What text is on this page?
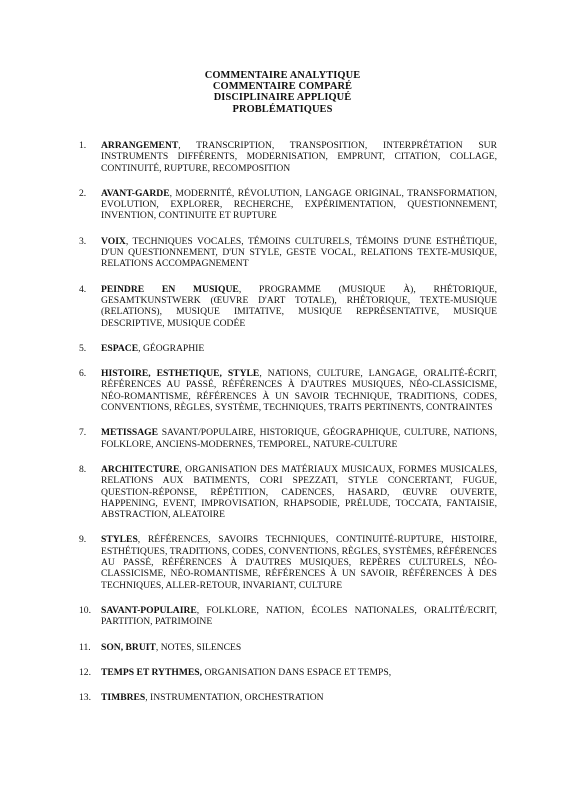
COMMENTAIRE ANALYTIQUE
COMMENTAIRE COMPARÉ
DISCIPLINAIRE APPLIQUÉ
PROBLÉMATIQUES
1.	ARRANGEMENT, TRANSCRIPTION, TRANSPOSITION, INTERPRÉTATION SUR INSTRUMENTS DIFFÉRENTS, MODERNISATION, EMPRUNT, CITATION, COLLAGE, CONTINUITÉ, RUPTURE, RECOMPOSITION
2.	AVANT-GARDE, MODERNITÉ, RÉVOLUTION, LANGAGE ORIGINAL, TRANSFORMATION, EVOLUTION, EXPLORER, RECHERCHE, EXPÉRIMENTATION, QUESTIONNEMENT, INVENTION, CONTINUITE ET RUPTURE
3.	VOIX, TECHNIQUES VOCALES, TÉMOINS CULTURELS, TÉMOINS D'UNE ESTHÉTIQUE, D'UN QUESTIONNEMENT, D'UN STYLE, GESTE VOCAL, RELATIONS TEXTE-MUSIQUE, RELATIONS ACCOMPAGNEMENT
4.	PEINDRE EN MUSIQUE, PROGRAMME (MUSIQUE À), RHÉTORIQUE, GESAMTKUNSTWERK (ŒUVRE D'ART TOTALE), RHÉTORIQUE, TEXTE-MUSIQUE (RELATIONS), MUSIQUE IMITATIVE, MUSIQUE REPRÉSENTATIVE, MUSIQUE DESCRIPTIVE, MUSIQUE CODÉE
5.	ESPACE, GÉOGRAPHIE
6.	HISTOIRE, ESTHETIQUE, STYLE, NATIONS, CULTURE, LANGAGE, ORALITÉ-ÉCRIT, RÉFÉRENCES AU PASSÉ, RÉFÉRENCES À D'AUTRES MUSIQUES, NÉO-CLASSICISME, NÉO-ROMANTISME, RÉFÉRENCES À UN SAVOIR TECHNIQUE, TRADITIONS, CODES, CONVENTIONS, RÈGLES, SYSTÈME, TECHNIQUES, TRAITS PERTINENTS, CONTRAINTES
7.	METISSAGE SAVANT/POPULAIRE, HISTORIQUE, GÉOGRAPHIQUE, CULTURE, NATIONS, FOLKLORE, ANCIENS-MODERNES, TEMPOREL, NATURE-CULTURE
8.	ARCHITECTURE, ORGANISATION DES MATÉRIAUX MUSICAUX, FORMES MUSICALES, RELATIONS AUX BATIMENTS, CORI SPEZZATI, STYLE CONCERTANT, FUGUE, QUESTION-RÉPONSE, RÉPÉTITION, CADENCES, HASARD, ŒUVRE OUVERTE, HAPPENING, EVENT, IMPROVISATION, RHAPSODIE, PRÉLUDE, TOCCATA, FANTAISIE, ABSTRACTION, ALEATOIRE
9.	STYLES, RÉFÉRENCES, SAVOIRS TECHNIQUES, CONTINUITÉ-RUPTURE, HISTOIRE, ESTHÉTIQUES, TRADITIONS, CODES, CONVENTIONS, RÈGLES, SYSTÈMES, RÉFÉRENCES AU PASSÉ, RÉFÉRENCES À D'AUTRES MUSIQUES, REPÈRES CULTURELS, NÉO-CLASSICISME, NÉO-ROMANTISME, RÉFÉRENCES À UN SAVOIR, RÉFÉRENCES À DES TECHNIQUES, ALLER-RETOUR, INVARIANT, CULTURE
10.	SAVANT-POPULAIRE, FOLKLORE, NATION, ÉCOLES NATIONALES, ORALITÉ/ECRIT, PARTITION, PATRIMOINE
11.	SON, BRUIT, NOTES, SILENCES
12.	TEMPS ET RYTHMES, ORGANISATION DANS ESPACE ET TEMPS,
13.	TIMBRES, INSTRUMENTATION, ORCHESTRATION
